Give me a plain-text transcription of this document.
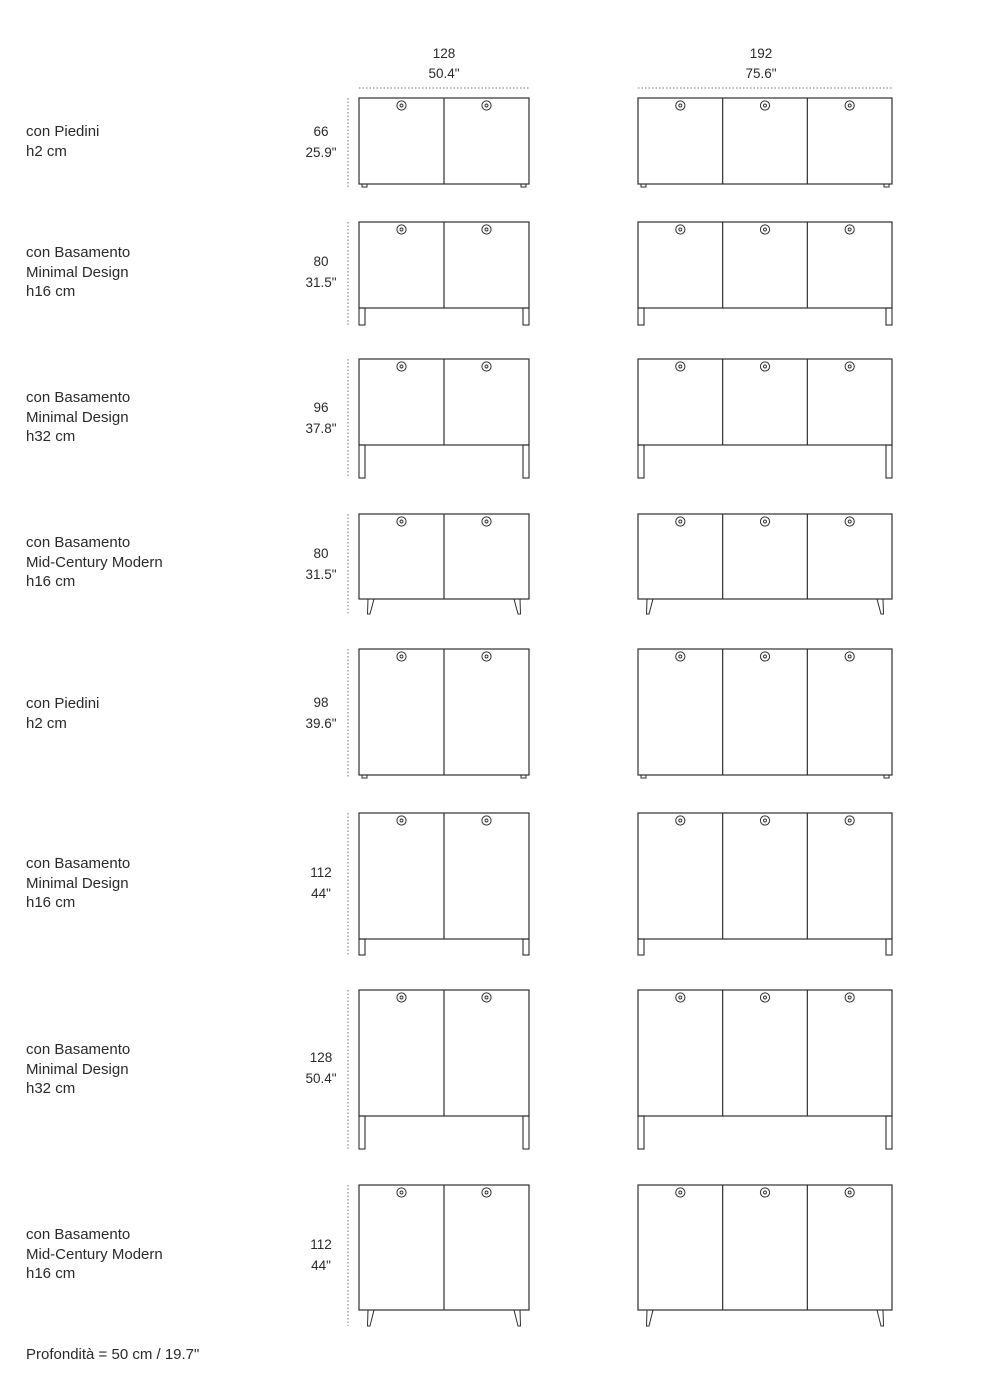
128
50.4"
192
75.6"
con Piedini
h2 cm
66
25.9"
con Basamento
Minimal Design
h16 cm
80
31.5"
con Basamento
Minimal Design
h32 cm
96
37.8"
con Basamento
Mid-Century Modern
h16 cm
80
31.5"
con Piedini
h2 cm
98
39.6"
con Basamento
Minimal Design
h16 cm
112
44"
con Basamento
Minimal Design
h32 cm
128
50.4"
con Basamento
Mid-Century Modern
h16 cm
112
44"
Profondità = 50 cm / 19.7"
